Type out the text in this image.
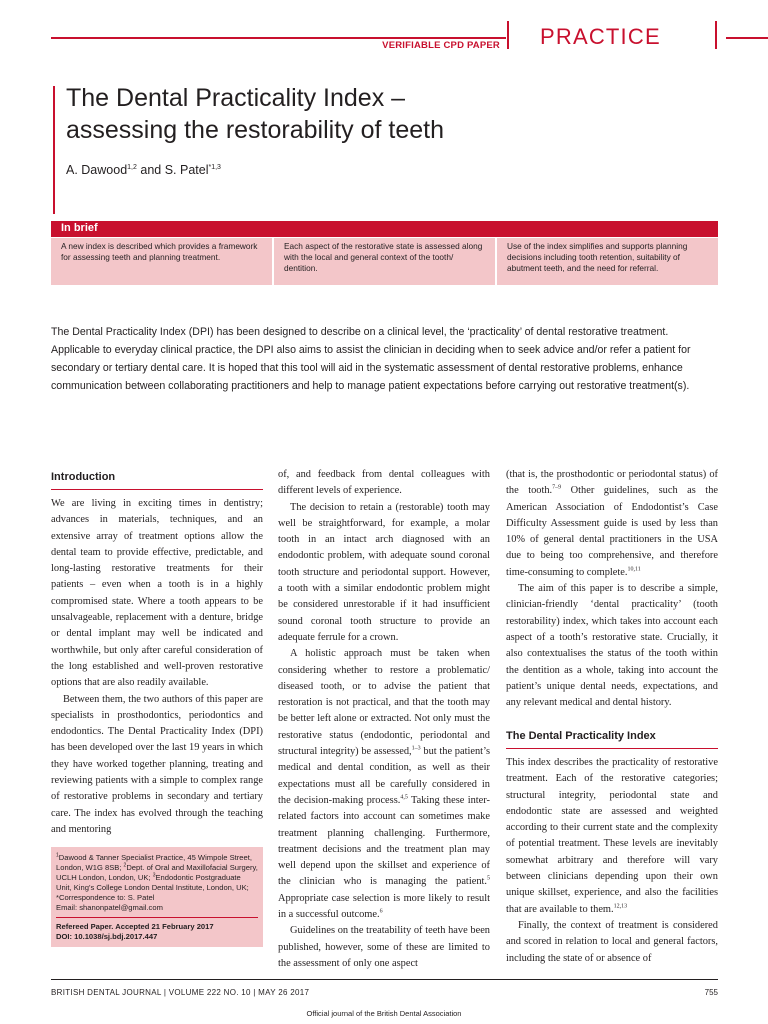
VERIFIABLE CPD PAPER PRACTICE
The Dental Practicality Index –
assessing the restorability of teeth
A. Dawood$^{1,2}$ and S. Patel$^{*1,3}$
In brief
A new index is described which provides a framework for assessing teeth and planning treatment.
Each aspect of the restorative state is assessed along with the local and general context of the tooth/ dentition.
Use of the index simplifies and supports planning decisions including tooth retention, suitability of abutment teeth, and the need for referral.
The Dental Practicality Index (DPI) has been designed to describe on a clinical level, the ‘practicality’ of dental restorative treatment. Applicable to everyday clinical practice, the DPI also aims to assist the clinician in deciding when to seek advice and/or refer a patient for secondary or tertiary dental care. It is hoped that this tool will aid in the systematic assessment of dental restorative problems, enhance communication between collaborating practitioners and help to manage patient expectations before carrying out restorative treatment(s).
Introduction

We are living in exciting times in dentistry; advances in materials, techniques, and an extensive array of treatment options allow the dental team to provide effective, predictable, and long-lasting restorative treatments for their patients – even when a tooth is in a highly compromised state. Where a tooth appears to be unsalvageable, replacement with a denture, bridge or dental implant may well be indicated and worthwhile, but only after careful consideration of the long established and well-proven restorative options that are also readily available.

Between them, the two authors of this paper are specialists in prosthodontics, periodontics and endodontics. The Dental Practicality Index (DPI) has been developed over the last 19 years in which they have worked together planning, treating and reviewing patients with a simple to complex range of restorative problems in secondary and tertiary care. The index has evolved through the teaching and mentoring

$^1$Dawood & Tanner Specialist Practice, 45 Wimpole Street, London, W1G 8SB; $^2$Dept. of Oral and Maxillofacial Surgery, UCLH London, London, UK; $^3$Endodontic Postgraduate Unit, King’s College London Dental Institute, London, UK;
*Correspondence to: S. Patel
Email: shanonpatel@gmail.com
Refereed Paper. Accepted 21 February 2017
DOI: 10.1038/sj.bdj.2017.447

of, and feedback from dental colleagues with different levels of experience.

The decision to retain a (restorable) tooth may well be straightforward, for example, a molar tooth in an intact arch diagnosed with an endodontic problem, with adequate sound coronal tooth structure and periodontal support. However, a tooth with a similar endodontic problem might be considered unrestorable if it had insufficient sound coronal tooth structure to provide an adequate ferrule for a crown.

A holistic approach must be taken when considering whether to restore a problematic/ diseased tooth, or to advise the patient that restoration is not practical, and that the tooth may be better left alone or extracted. Not only must the restorative status (endodontic, periodontal and structural integrity) be assessed,$^{1-3}$ but the patient’s medical and dental condition, as well as their expectations must all be carefully considered in the decision-making process.$^{4,5}$ Taking these inter-related factors into account can sometimes make treatment planning challenging. Furthermore, treatment decisions and the treatment plan may well depend upon the skillset and experience of the clinician who is managing the patient.$^5$ Appropriate case selection is more likely to result in a successful outcome.$^6$

Guidelines on the treatability of teeth have been published, however, some of these are limited to the assessment of only one aspect

(that is, the prosthodontic or periodontal status) of the tooth.$^{7-9}$ Other guidelines, such as the American Association of Endodontist’s Case Difficulty Assessment guide is used by less than 10% of general dental practitioners in the USA due to being too comprehensive, and therefore time-consuming to complete.$^{10,11}$

The aim of this paper is to describe a simple, clinician-friendly ‘dental practicality’ (tooth restorability) index, which takes into account each aspect of a tooth’s restorative state. Crucially, it also contextualises the status of the tooth within the dentition as a whole, taking into account the patient’s unique dental needs, expectations, and any relevant medical and dental history.

The Dental Practicality Index

This index describes the practicality of restorative treatment. Each of the restorative categories; structural integrity, periodontal state and endodontic state are assessed and weighted according to their current state and the complexity of potential treatment. These levels are inevitably somewhat arbitrary and therefore will vary between clinicians depending upon their own unique skillset, experience, and also the facilities that are available to them.$^{12,13}$

Finally, the context of treatment is considered and scored in relation to local and general factors, including the state of or absence of

BRITISH DENTAL JOURNAL | VOLUME 222 NO. 10 | MAY 26 2017	755
Official journal of the British Dental Association
